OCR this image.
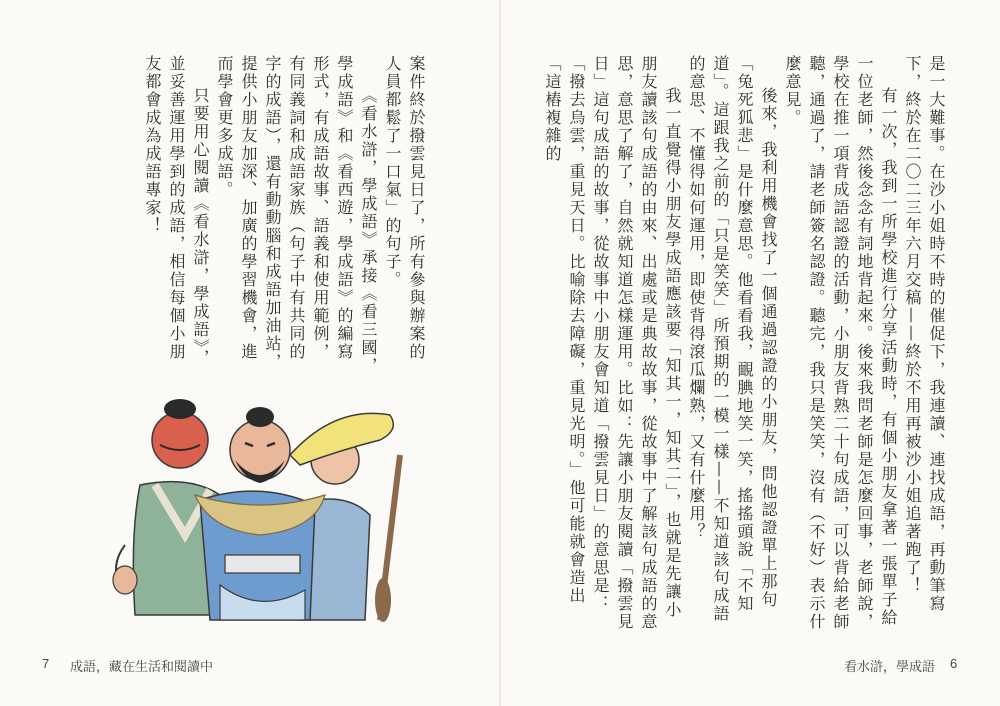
是一大難事。在沙小姐時不時的催促下，我連讀、連找成語，再動筆寫下，終於在二〇二三年六月交稿——終於不用再被沙小姐追著跑了！

有一次，我到一所學校進行分享活動時，有個小朋友拿著一張單子給一位老師，然後念念有詞地背起來。後來我問老師是怎麼回事，老師說，學校在推一項背成語認證的活動，小朋友背熟二十句成語，可以背給老師聽，通過了，請老師簽名認證。聽完，我只是笑笑，沒有（不好）表示什麼意見。

後來，我利用機會找了一個通過認證的小朋友，問他認證單上那句「兔死狐悲」是什麼意思。他看看我，靦腆地笑一笑，搖搖頭說「不知道」。這跟我之前的「只是笑笑」所預期的一模一樣——不知道該句成語的意思、不懂得如何運用，即使背得滾瓜爛熟，又有什麼用？

我一直覺得小朋友學成語應該要「知其一，知其二」，也就是先讓小朋友讀該句成語的由來、出處或是典故故事，從故事中了解該句成語的意思，意思了解了，自然就知道怎樣運用。比如：先讓小朋友閱讀「撥雲見日」這句成語的故事，從故事中小朋友會知道「撥雲見日」的意思是：「撥去烏雲，重見天日。比喻除去障礙，重見光明。」他可能就會造出「這樁複雜的

案件終於撥雲見日了，所有參與辦案的人員都鬆了一口氣」的句子。

《看水滸，學成語》承接《看三國，學成語》和《看西遊，學成語》的編寫形式，有成語故事、語義和使用範例，有同義詞和成語家族（句子中有共同的字的成語），還有動動腦和成語加油站，提供小朋友加深、加廣的學習機會，進而學會更多成語。

只要用心閱讀《看水滸，學成語》，並妥善運用學到的成語，相信每個小朋友都會成為成語專家！

7 成語，藏在生活和閱讀中	看水滸，學成語 6
